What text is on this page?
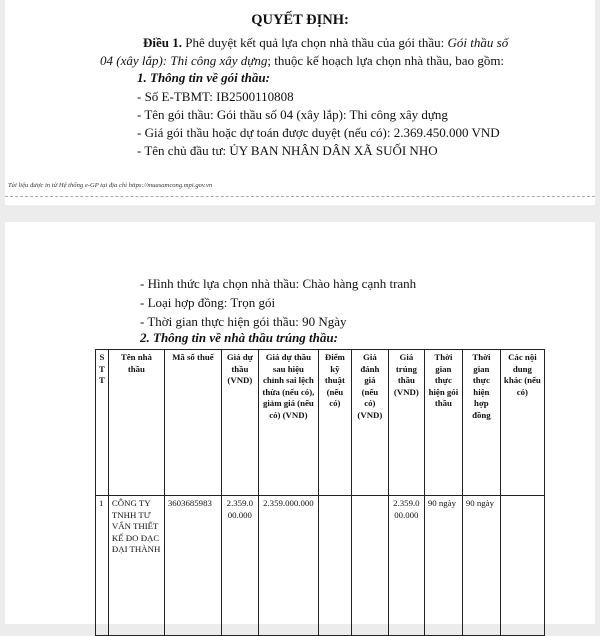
QUYẾT ĐỊNH:
Điều 1. Phê duyệt kết quả lựa chọn nhà thầu của gói thầu: Gói thầu số
04 (xây lắp): Thi công xây dựng; thuộc kế hoạch lựa chọn nhà thầu, bao gồm:
1. Thông tin về gói thầu:
- Số E-TBMT: IB2500110808
- Tên gói thầu: Gói thầu số 04 (xây lắp): Thi công xây dựng
- Giá gói thầu hoặc dự toán được duyệt (nếu có): 2.369.450.000 VND
- Tên chủ đầu tư: ỦY BAN NHÂN DÂN XÃ SUỐI NHO
Tài liệu được in từ Hệ thống e-GP tại địa chỉ https://muasamcong.mpi.gov.vn
- Hình thức lựa chọn nhà thầu: Chào hàng cạnh tranh
- Loại hợp đồng: Trọn gói
- Thời gian thực hiện gói thầu: 90 Ngày
2. Thông tin về nhà thầu trúng thầu:
S T T	Tên nhà thầu	Mã số thuế	Giá dự thầu (VND)	Giá dự thầu sau hiệu chỉnh sai lệch thừa (nếu có), giảm giá (nếu có) (VND)	Điểm kỹ thuật (nếu có)	Giá đánh giá (nếu có) (VND)	Giá trúng thầu (VND)	Thời gian thực hiện gói thầu	Thời gian thực hiện hợp đồng	Các nội dung khác (nếu có)
1	CÔNG TY TNHH TƯ VẤN THIẾT KẾ ĐO ĐẠC ĐẠI THÀNH	3603685983	2.359.000.000	2.359.000.000			2.359.000.000	90 ngày	90 ngày	
